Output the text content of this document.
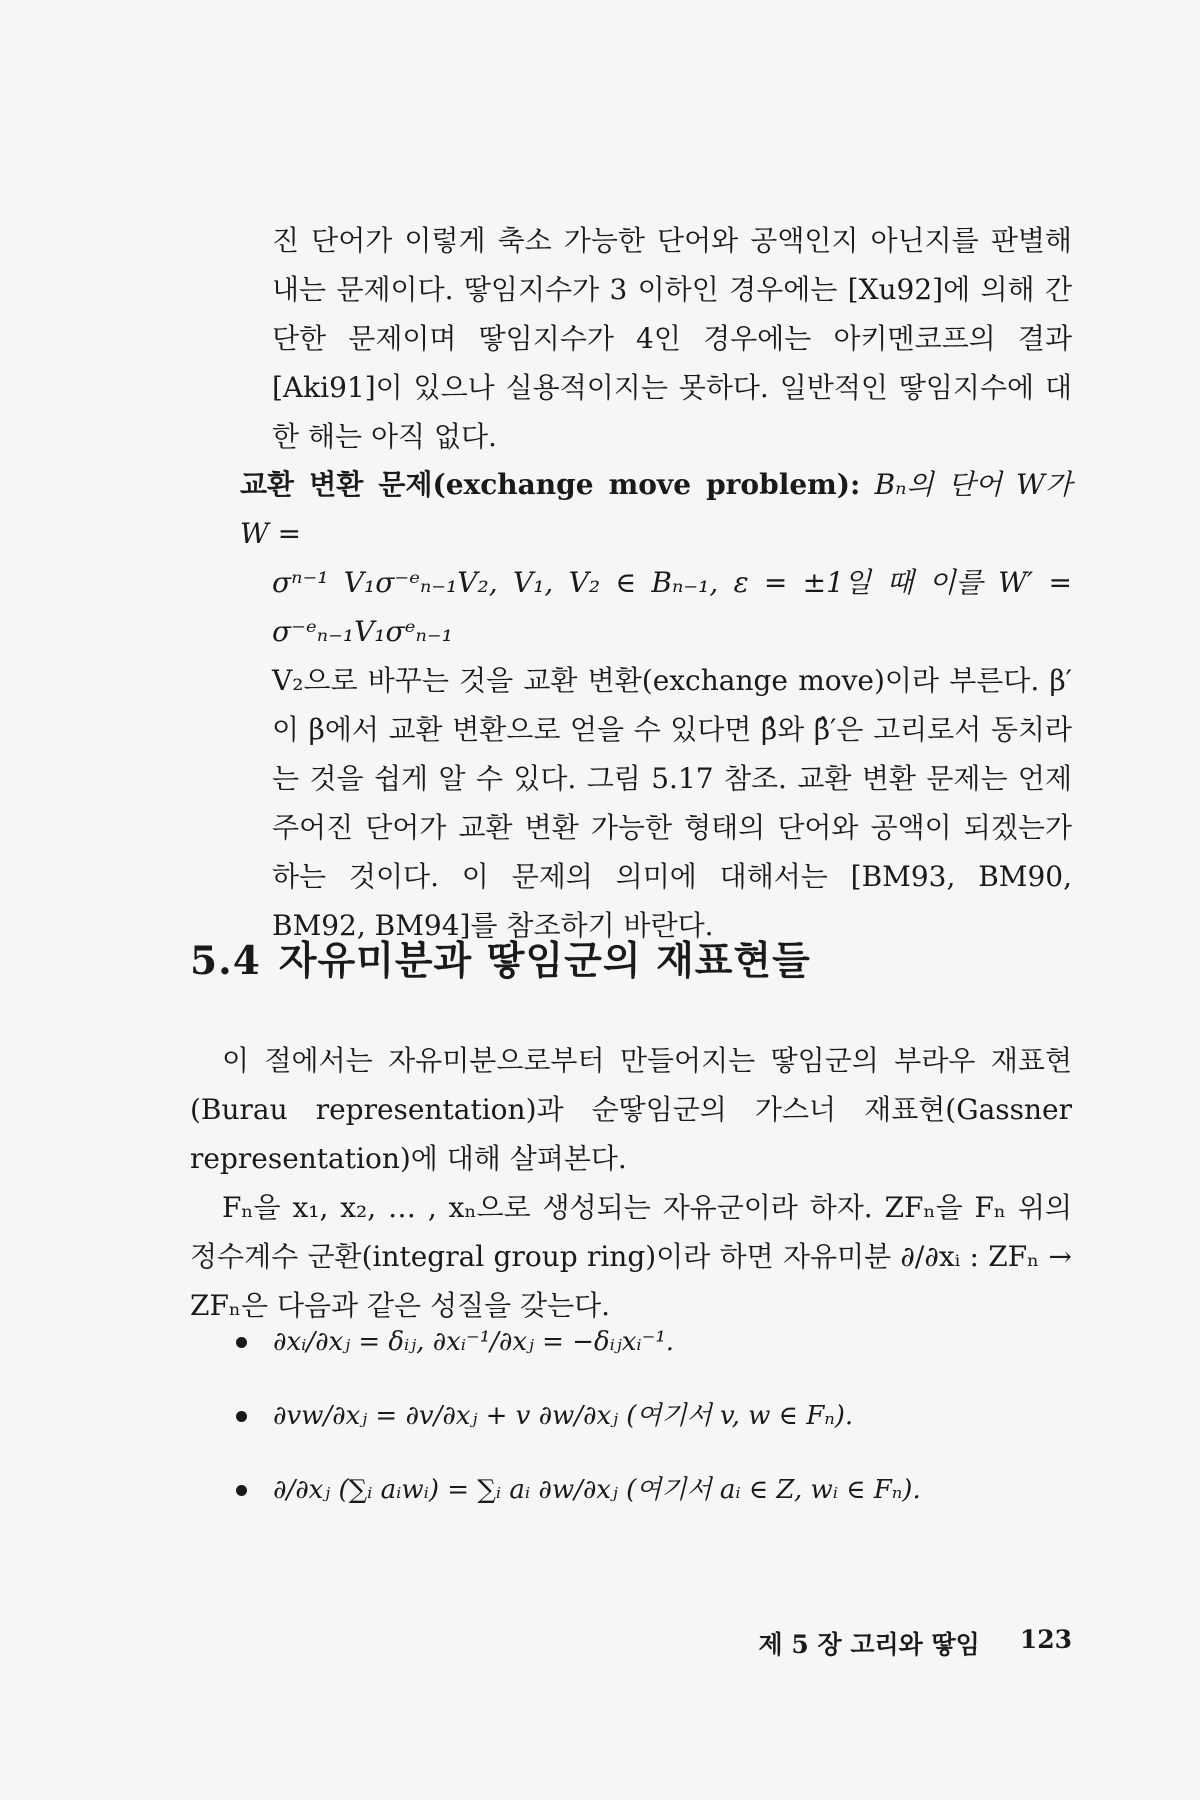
진 단어가 이렇게 축소 가능한 단어와 공액인지 아닌지를 판별해 내는 문제이다. 땋임지수가 3 이하인 경우에는 [Xu92]에 의해 간단한 문제이며 땋임지수가 4인 경우에는 아키멘코프의 결과 [Aki91]이 있으나 실용적이지는 못하다. 일반적인 땋임지수에 대한 해는 아직 없다.

교환 변환 문제(exchange move problem): Bₙ의 단어 W가 W =

σⁿ⁻¹ V₁σ⁻ᵉₙ₋₁V₂, V₁, V₂ ∈ Bₙ₋₁, ε = ±1일 때 이를 W′ = σ⁻ᵉₙ₋₁V₁σᵉₙ₋₁

V₂으로 바꾸는 것을 교환 변환(exchange move)이라 부른다. β′이 β에서 교환 변환으로 얻을 수 있다면 β̂와 β̂′은 고리로서 동치라는 것을 쉽게 알 수 있다. 그림 5.17 참조. 교환 변환 문제는 언제 주어진 단어가 교환 변환 가능한 형태의 단어와 공액이 되겠는가 하는 것이다. 이 문제의 의미에 대해서는 [BM93, BM90, BM92, BM94]를 참조하기 바란다.

5.4 자유미분과 땋임군의 재표현들

이 절에서는 자유미분으로부터 만들어지는 땋임군의 부라우 재표현(Burau representation)과 순땋임군의 가스너 재표현(Gassner representation)에 대해 살펴본다.

Fₙ을 x₁, x₂, … , xₙ으로 생성되는 자유군이라 하자. ZFₙ을 Fₙ 위의 정수계수 군환(integral group ring)이라 하면 자유미분 ∂/∂xᵢ : ZFₙ → ZFₙ은 다음과 같은 성질을 갖는다.

∂xᵢ/∂xⱼ = δᵢⱼ, ∂xᵢ⁻¹/∂xⱼ = −δᵢⱼxᵢ⁻¹.
∂vw/∂xⱼ = ∂v/∂xⱼ + v ∂w/∂xⱼ (여기서 v, w ∈ Fₙ).
∂/∂xⱼ (∑ᵢ aᵢwᵢ) = ∑ᵢ aᵢ ∂w/∂xⱼ (여기서 aᵢ ∈ Z, wᵢ ∈ Fₙ).
제 5 장 고리와 땋임 123
